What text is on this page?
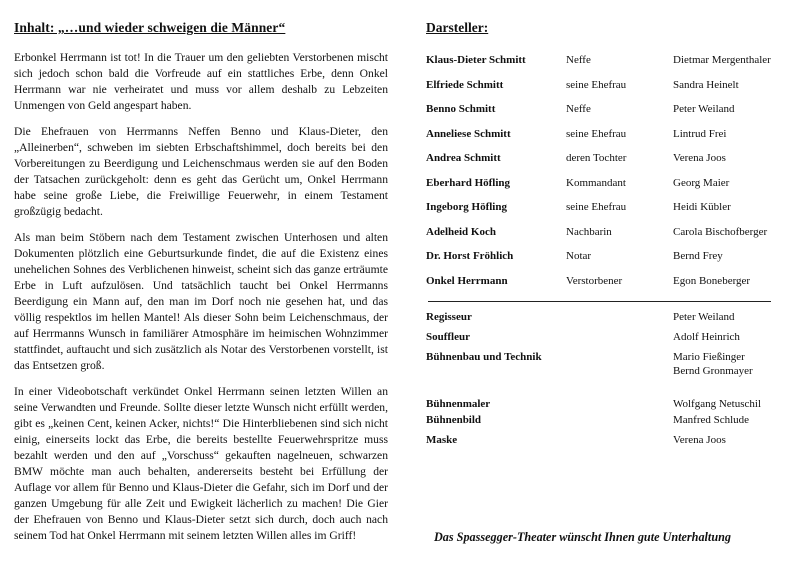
Inhalt: „…und wieder schweigen die Männer“

Erbonkel Herrmann ist tot! In die Trauer um den geliebten Verstorbenen mischt sich jedoch schon bald die Vorfreude auf ein stattliches Erbe, denn Onkel Herrmann war nie verheiratet und muss vor allem deshalb zu Lebzeiten Unmengen von Geld angespart haben.

Die Ehefrauen von Herrmanns Neffen Benno und Klaus-Dieter, den „Alleinerben“, schweben im siebten Erbschaftshimmel, doch bereits bei den Vorbereitungen zu Beerdigung und Leichenschmaus werden sie auf den Boden der Tatsachen zurückgeholt: denn es geht das Gerücht um, Onkel Herrmann habe seine große Liebe, die Freiwillige Feuerwehr, in einem Testament großzügig bedacht.

Als man beim Stöbern nach dem Testament zwischen Unterhosen und alten Dokumenten plötzlich eine Geburtsurkunde findet, die auf die Existenz eines unehelichen Sohnes des Verblichenen hinweist, scheint sich das ganze erträumte Erbe in Luft aufzulösen. Und tatsächlich taucht bei Onkel Herrmanns Beerdigung ein Mann auf, den man im Dorf noch nie gesehen hat, und das völlig respektlos im hellen Mantel! Als dieser Sohn beim Leichenschmaus, der auf Herrmanns Wunsch in familiärer Atmosphäre im heimischen Wohnzimmer stattfindet, auftaucht und sich zusätzlich als Notar des Verstorbenen vorstellt, ist das Entsetzen groß.

In einer Videobotschaft verkündet Onkel Herrmann seinen letzten Willen an seine Verwandten und Freunde. Sollte dieser letzte Wunsch nicht erfüllt werden, gibt es „keinen Cent, keinen Acker, nichts!“ Die Hinterbliebenen sind sich nicht einig, einerseits lockt das Erbe, die bereits bestellte Feuerwehrspritze muss bezahlt werden und den auf „Vorschuss“ gekauften nagelneuen, schwarzen BMW möchte man auch behalten, andererseits besteht bei Erfüllung der Auflage vor allem für Benno und Klaus-Dieter die Gefahr, sich im Dorf und der ganzen Umgebung für alle Zeit und Ewigkeit lächerlich zu machen! Die Gier der Ehefrauen von Benno und Klaus-Dieter setzt sich durch, doch auch nach seinem Tod hat Onkel Herrmann mit seinem letzten Willen alles im Griff!

Darsteller:
Klaus-Dieter Schmitt	Neffe	Dietmar Mergenthaler
Elfriede Schmitt	seine Ehefrau	Sandra Heinelt
Benno Schmitt	Neffe	Peter Weiland
Anneliese Schmitt	seine Ehefrau	Lintrud Frei
Andrea Schmitt	deren Tochter	Verena Joos
Eberhard Höfling	Kommandant	Georg Maier
Ingeborg Höfling	seine Ehefrau	Heidi Kübler
Adelheid Koch	Nachbarin	Carola Bischofberger
Dr. Horst Fröhlich	Notar	Bernd Frey
Onkel Herrmann	Verstorbener	Egon Boneberger
Regisseur	Peter Weiland
Souffleur	Adolf Heinrich
Bühnenbau und Technik	Mario Fießinger
Bernd Gronmayer

Bühnenmaler	Wolfgang Netuschil
Bühnenbild	Manfred Schlude
Maske	Verena Joos
Das Spassegger-Theater wünscht Ihnen gute Unterhaltung
